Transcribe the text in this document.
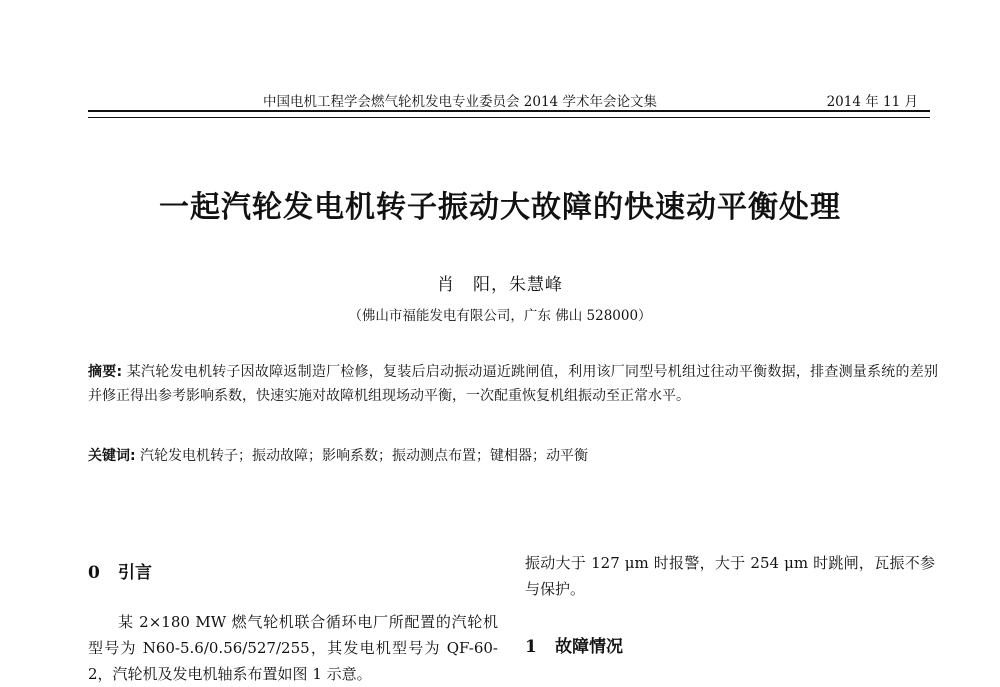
中国电机工程学会燃气轮机发电专业委员会 2014 学术年会论文集	2014 年 11 月
一起汽轮发电机转子振动大故障的快速动平衡处理
肖　阳，朱慧峰
（佛山市福能发电有限公司，广东 佛山 528000）
摘要: 某汽轮发电机转子因故障返制造厂检修，复装后启动振动逼近跳闸值，利用该厂同型号机组过往动平衡数据，排查测量系统的差别并修正得出参考影响系数，快速实施对故障机组现场动平衡，一次配重恢复机组振动至正常水平。
关键词: 汽轮发电机转子；振动故障；影响系数；振动测点布置；键相器；动平衡
0 引言

某 2×180 MW 燃气轮机联合循环电厂所配置的汽轮机型号为 N60-5.6/0.56/527/255，其发电机型号为 QF-60-2，汽轮机及发电机轴系布置如图 1 示意。

振动大于 127 μm 时报警，大于 254 μm 时跳闸，瓦振不参与保护。

1 故障情况
